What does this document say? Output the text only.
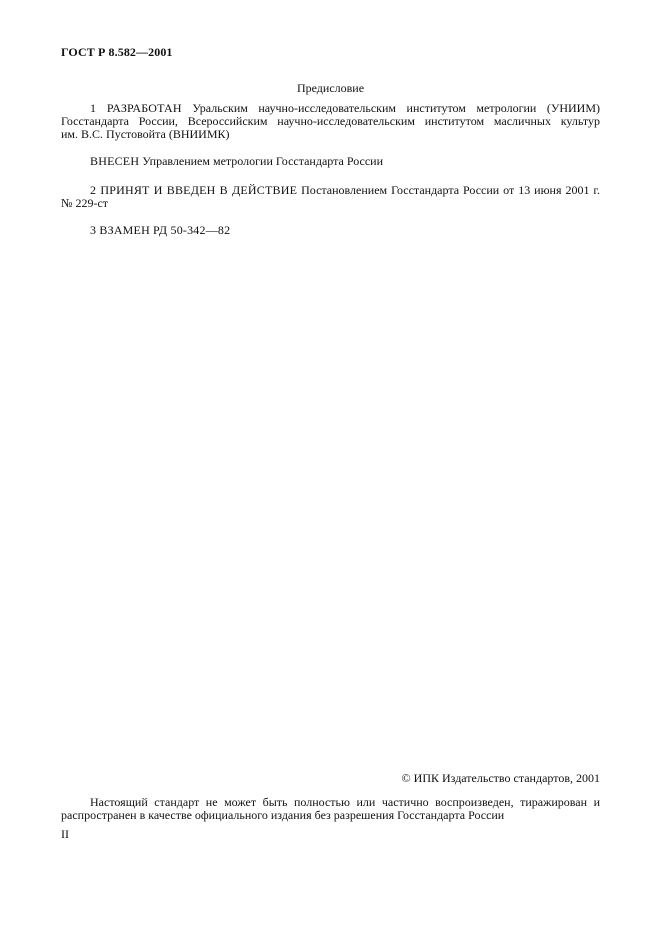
ГОСТ Р 8.582—2001
Предисловие
1 РАЗРАБОТАН Уральским научно-исследовательским институтом метрологии (УНИИМ)
Госстандарта России, Всероссийским научно-исследовательским институтом масличных культур
им. В.С. Пустовойта (ВНИИМК)
ВНЕСЕН Управлением метрологии Госстандарта России
2 ПРИНЯТ И ВВЕДЕН В ДЕЙСТВИЕ Постановлением Госстандарта России от 13 июня 2001 г.
№ 229-ст
3 ВЗАМЕН РД 50-342—82
© ИПК Издательство стандартов, 2001
Настоящий стандарт не может быть полностью или частично воспроизведен, тиражирован и
распространен в качестве официального издания без разрешения Госстандарта России
II
